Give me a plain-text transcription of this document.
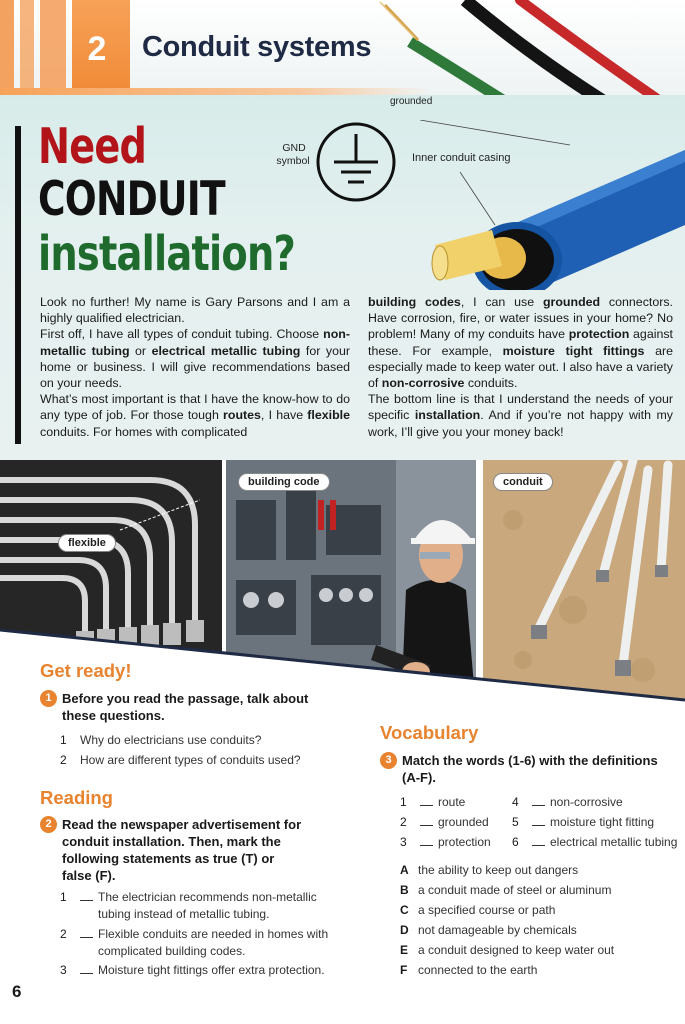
2	Conduit systems
grounded
GND
symbol	Inner conduit casing
Need
CONDUIT
installation?
Look no further! My name is Gary Parsons and I am a highly qualified electrician.
First off, I have all types of conduit tubing. Choose non-metallic tubing or electrical metallic tubing for your home or business. I will give recommendations based on your needs.
What’s most important is that I have the know-how to do any type of job. For those tough routes, I have flexible conduits. For homes with complicated
building codes, I can use grounded connectors. Have corrosion, fire, or water issues in your home? No problem! Many of my conduits have protection against these. For example, moisture tight fittings are especially made to keep water out. I also have a variety of non-corrosive conduits.
The bottom line is that I understand the needs of your specific installation. And if you’re not happy with my work, I’ll give you your money back!
flexible
building code	conduit
Get ready!
1 Before you read the passage, talk about
these questions.
1 Why do electricians use conduits?
2 How are different types of conduits used?
Reading
2 Read the newspaper advertisement for
conduit installation. Then, mark the
following statements as true (T) or
false (F).
1	The electrician recommends non-metallic
tubing instead of metallic tubing.
2	Flexible conduits are needed in homes with
complicated building codes.
3	Moisture tight fittings offer extra protection.
Vocabulary
3 Match the words (1-6) with the definitions
(A-F).
1	route
2	grounded
3	protection
4	non-corrosive
5	moisture tight fitting
6	electrical metallic tubing
A the ability to keep out dangers
B a conduit made of steel or aluminum
C a specified course or path
D not damageable by chemicals
E a conduit designed to keep water out
F connected to the earth
6
